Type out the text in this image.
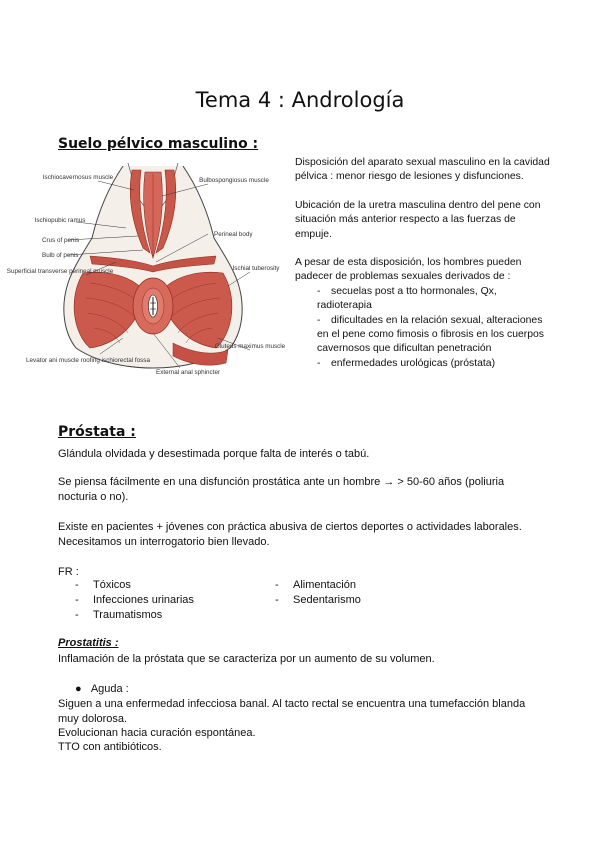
Tema 4 : Andrología
Suelo pélvico masculino :
Ischiocavernosus muscle
Ischiopubic ramus
Crus of penis
Bulb of penis
Superficial transverse perineal muscle
Levator ani muscle roofing ischiorectal fossa
Bulbospongiosus muscle
Perineal body
Ischial tuberosity
Gluteus maximus muscle
External anal sphincter

Disposición del aparato sexual masculino en la cavidad pélvica : menor riesgo de lesiones y disfunciones.

Ubicación de la uretra masculina dentro del pene con situación más anterior respecto a las fuerzas de empuje.

A pesar de esta disposición, los hombres pueden padecer de problemas sexuales derivados de :

- secuelas post a tto hormonales, Qx, radioterapia
- dificultades en la relación sexual, alteraciones en el pene como fimosis o fibrosis en los cuerpos cavernosos que dificultan penetración
- enfermedades urológicas (próstata)
Próstata :
Glándula olvidada y desestimada porque falta de interés o tabú.
Se piensa fácilmente en una disfunción prostática ante un hombre → > 50-60 años (poliuria nocturia o no).
Existe en pacientes + jóvenes con práctica abusiva de ciertos deportes o actividades laborales.
Necesitamos un interrogatorio bien llevado.
FR :
- Tóxicos
- Infecciones urinarias
- Traumatismos
- Alimentación
- Sedentarismo
Prostatitis :
Inflamación de la próstata que se caracteriza por un aumento de su volumen.
●   Aguda :
Siguen a una enfermedad infecciosa banal. Al tacto rectal se encuentra una tumefacción blanda muy dolorosa.
Evolucionan hacia curación espontánea.
TTO con antibióticos.
